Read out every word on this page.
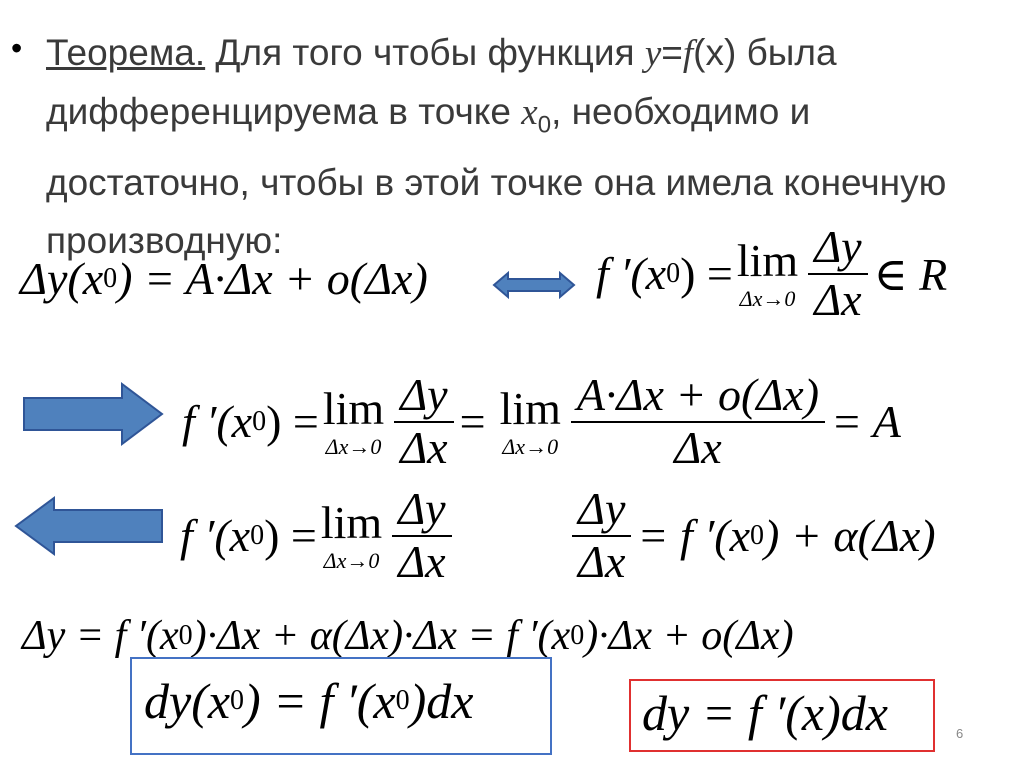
• Теорема. Для того чтобы функция y=f(x) была дифференцируема в точке $x_0$, необходимо и достаточно, чтобы в этой точке она имела конечную производную:
Δy(x 0 ) = A·Δx + o(Δx)	f ′(x 0 ) = lim
$\Delta x\to 0 \frac{\Delta y}{\Delta x}$ ∈ R
f ′(x 0 ) = lim
$\Delta x\to 0 \frac{\Delta y}{\Delta x} = \lim$
$\Delta x\to 0 \frac{A\cdot\Delta x + o(\Delta x)}{\Delta x} = A$
f ′(x 0 ) = lim
$\Delta x\to 0 \frac{\Delta y}{\Delta x}$	$\frac{\Delta y}{\Delta x} = f$ ′(x 0 ) + α(Δx)
Δy = f ′(x 0 )·Δx + α(Δx)·Δx = f ′(x 0 )·Δx + o(Δx)
dy(x 0 ) = f ′(x 0 )dx	dy = f ′(x)dx	6
